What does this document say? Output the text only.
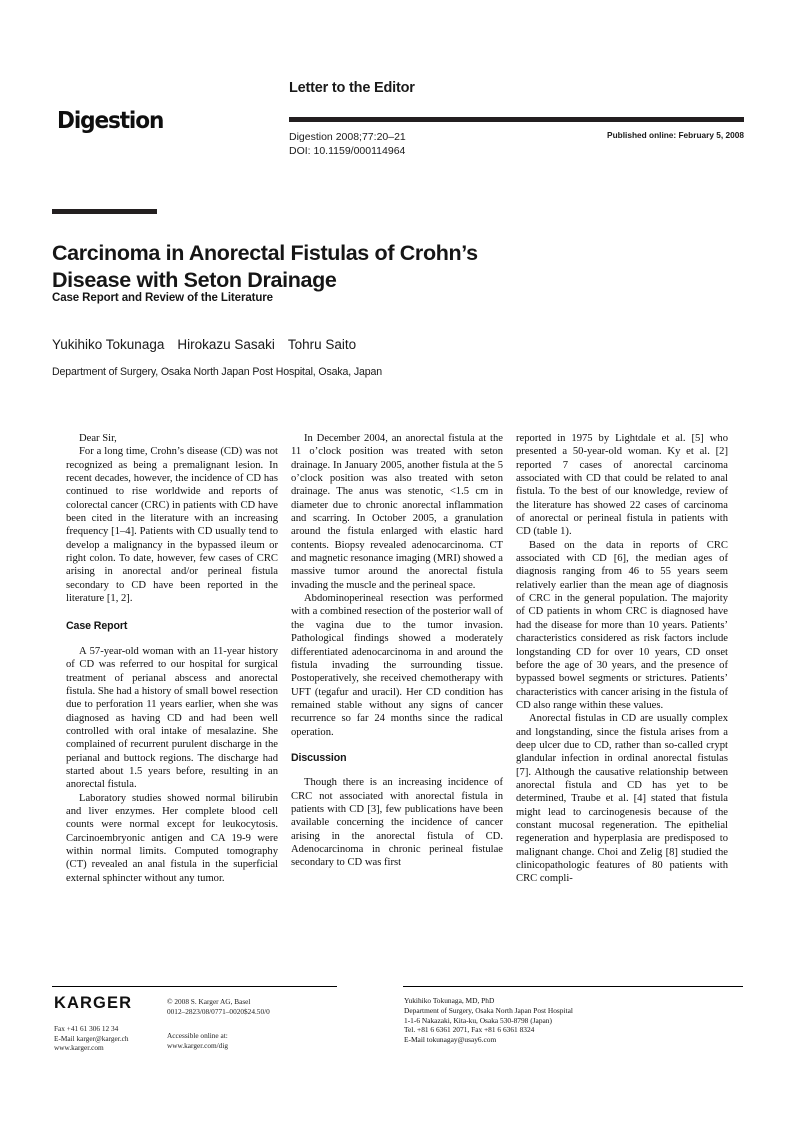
Letter to the Editor
Digestion
Digestion 2008;77:20–21
DOI: 10.1159/000114964
Published online: February 5, 2008
Carcinoma in Anorectal Fistulas of Crohn’s Disease with Seton Drainage
Case Report and Review of the Literature
Yukihiko Tokunaga Hirokazu Sasaki Tohru Saito
Department of Surgery, Osaka North Japan Post Hospital, Osaka, Japan

Dear Sir,

For a long time, Crohn’s disease (CD) was not recognized as being a premalignant lesion. In recent decades, however, the incidence of CD has continued to rise worldwide and reports of colorectal cancer (CRC) in patients with CD have been cited in the literature with an increasing frequency [1–4]. Patients with CD usually tend to develop a malignancy in the bypassed ileum or right colon. To date, however, few cases of CRC arising in anorectal and/or perineal fistula secondary to CD have been reported in the literature [1, 2].

Case Report

A 57-year-old woman with an 11-year history of CD was referred to our hospital for surgical treatment of perianal abscess and anorectal fistula. She had a history of small bowel resection due to perforation 11 years earlier, when she was diagnosed as having CD and had been well controlled with oral intake of mesalazine. She complained of recurrent purulent discharge in the perianal and buttock regions. The discharge had started about 1.5 years before, resulting in an anorectal fistula.

Laboratory studies showed normal bilirubin and liver enzymes. Her complete blood cell counts were normal except for leukocytosis. Carcinoembryonic antigen and CA 19-9 were within normal limits. Computed tomography (CT) revealed an anal fistula in the superficial external sphincter without any tumor.

In December 2004, an anorectal fistula at the 11 o’clock position was treated with seton drainage. In January 2005, another fistula at the 5 o’clock position was also treated with seton drainage. The anus was stenotic, <1.5 cm in diameter due to chronic anorectal inflammation and scarring. In October 2005, a granulation around the fistula enlarged with elastic hard contents. Biopsy revealed adenocarcinoma. CT and magnetic resonance imaging (MRI) showed a massive tumor around the anorectal fistula invading the muscle and the perineal space.

Abdominoperineal resection was performed with a combined resection of the posterior wall of the vagina due to the tumor invasion. Pathological findings showed a moderately differentiated adenocarcinoma in and around the fistula invading the surrounding tissue. Postoperatively, she received chemotherapy with UFT (tegafur and uracil). Her CD condition has remained stable without any signs of cancer recurrence so far 24 months since the radical operation.

Discussion

Though there is an increasing incidence of CRC not associated with anorectal fistula in patients with CD [3], few publications have been available concerning the incidence of cancer arising in the anorectal fistula of CD. Adenocarcinoma in chronic perineal fistulae secondary to CD was first

reported in 1975 by Lightdale et al. [5] who presented a 50-year-old woman. Ky et al. [2] reported 7 cases of anorectal carcinoma associated with CD that could be related to anal fistula. To the best of our knowledge, review of the literature has showed 22 cases of carcinoma of anorectal or perineal fistula in patients with CD (table 1).

Based on the data in reports of CRC associated with CD [6], the median ages of diagnosis ranging from 46 to 55 years seem relatively earlier than the mean age of diagnosis of CRC in the general population. The majority of CD patients in whom CRC is diagnosed have had the disease for more than 10 years. Patients’ characteristics considered as risk factors include longstanding CD for over 10 years, CD onset before the age of 30 years, and the presence of bypassed bowel segments or strictures. Patients’ characteristics with cancer arising in the fistula of CD also range within these values.

Anorectal fistulas in CD are usually complex and longstanding, since the fistula arises from a deep ulcer due to CD, rather than so-called crypt glandular infection in ordinal anorectal fistulas [7]. Although the causative relationship between anorectal fistula and CD has yet to be determined, Traube et al. [4] stated that fistula might lead to carcinogenesis because of the constant mucosal regeneration. The epithelial regeneration and hyperplasia are predisposed to malignant change. Choi and Zelig [8] studied the clinicopathologic features of 80 patients with CRC compli-

KARGER
Fax +41 61 306 12 34
E-Mail karger@karger.ch
www.karger.com
© 2008 S. Karger AG, Basel
0012–2823/08/0771–0020$24.50/0
Accessible online at:
www.karger.com/dig
Yukihiko Tokunaga, MD, PhD
Department of Surgery, Osaka North Japan Post Hospital
1-1-6 Nakazaki, Kita-ku, Osaka 530-8798 (Japan)
Tel. +81 6 6361 2071, Fax +81 6 6361 8324
E-Mail tokunagay@usay6.com
